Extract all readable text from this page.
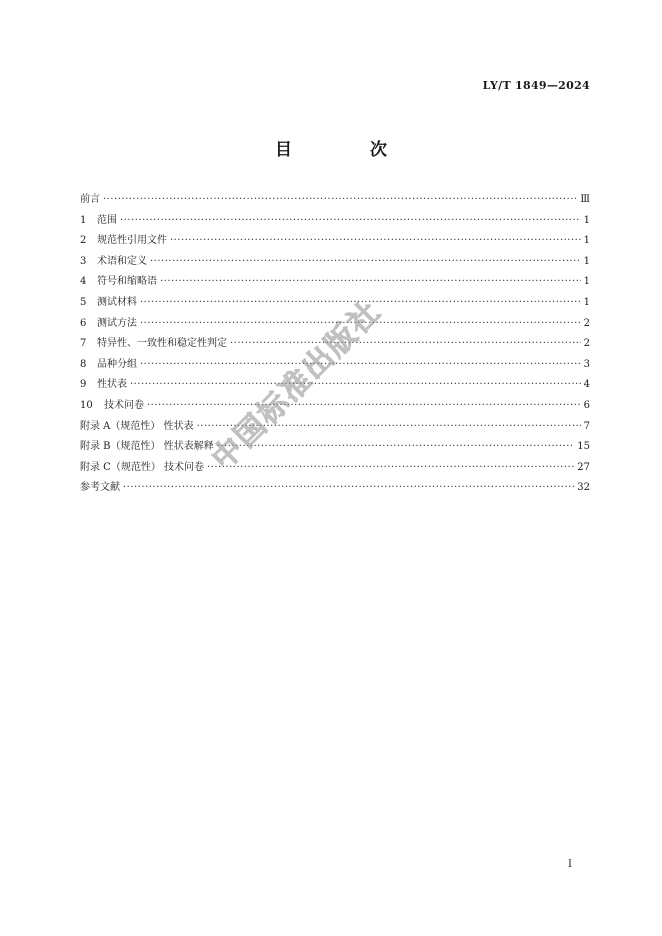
LY/T 1849—2024
目 次
前言 ·····	Ⅲ
1 范围 ·····	1
2 规范性引用文件 ·····	1
3 术语和定义 ·····	1
4 符号和缩略语 ·····	1
5 测试材料 ·····	1
6 测试方法 ·····	2
7 特异性、一致性和稳定性判定 ·····	2
8 品种分组 ·····	3
9 性状表 ·····	4
10 技术问卷 ·····	6
附录 A（规范性） 性状表 ·····	7
附录 B（规范性） 性状表解释 ·····	15
附录 C（规范性） 技术问卷 ·····	27
参考文献 ·····	32
中国标准出版社
I
